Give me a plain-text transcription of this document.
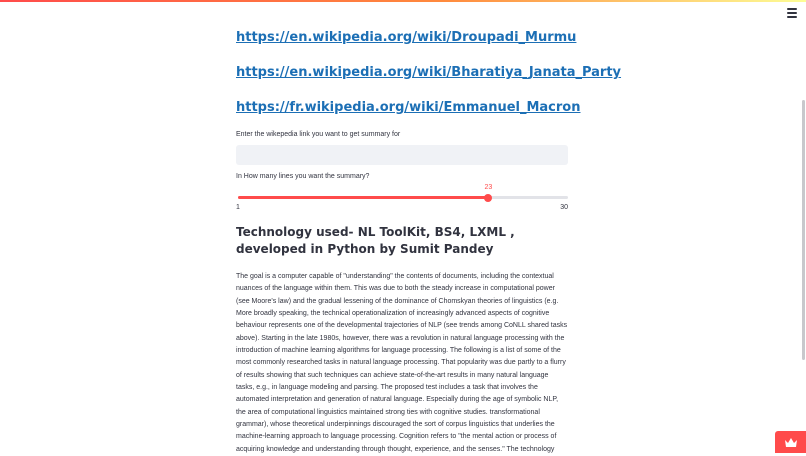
https://en.wikipedia.org/wiki/Droupadi_Murmu
https://en.wikipedia.org/wiki/Bharatiya_Janata_Party
https://fr.wikipedia.org/wiki/Emmanuel_Macron
Enter the wikepedia link you want to get summary for
In How many lines you want the summary?
23
1	30
Technology used- NL ToolKit, BS4, LXML , developed in Python by Sumit Pandey

The goal is a computer capable of "understanding" the contents of documents, including the contextual nuances of the language within them. This was due to both the steady increase in computational power (see Moore's law) and the gradual lessening of the dominance of Chomskyan theories of linguistics (e.g. More broadly speaking, the technical operationalization of increasingly advanced aspects of cognitive behaviour represents one of the developmental trajectories of NLP (see trends among CoNLL shared tasks above). Starting in the late 1980s, however, there was a revolution in natural language processing with the introduction of machine learning algorithms for language processing. The following is a list of some of the most commonly researched tasks in natural language processing. That popularity was due partly to a flurry of results showing that such techniques can achieve state-of-the-art results in many natural language tasks, e.g., in language modeling and parsing. The proposed test includes a task that involves the automated interpretation and generation of natural language. Especially during the age of symbolic NLP, the area of computational linguistics maintained strong ties with cognitive studies. transformational grammar), whose theoretical underpinnings discouraged the sort of corpus linguistics that underlies the machine-learning approach to language processing. Cognition refers to "the mental action or process of acquiring knowledge and understanding through thought, experience, and the senses." The technology
